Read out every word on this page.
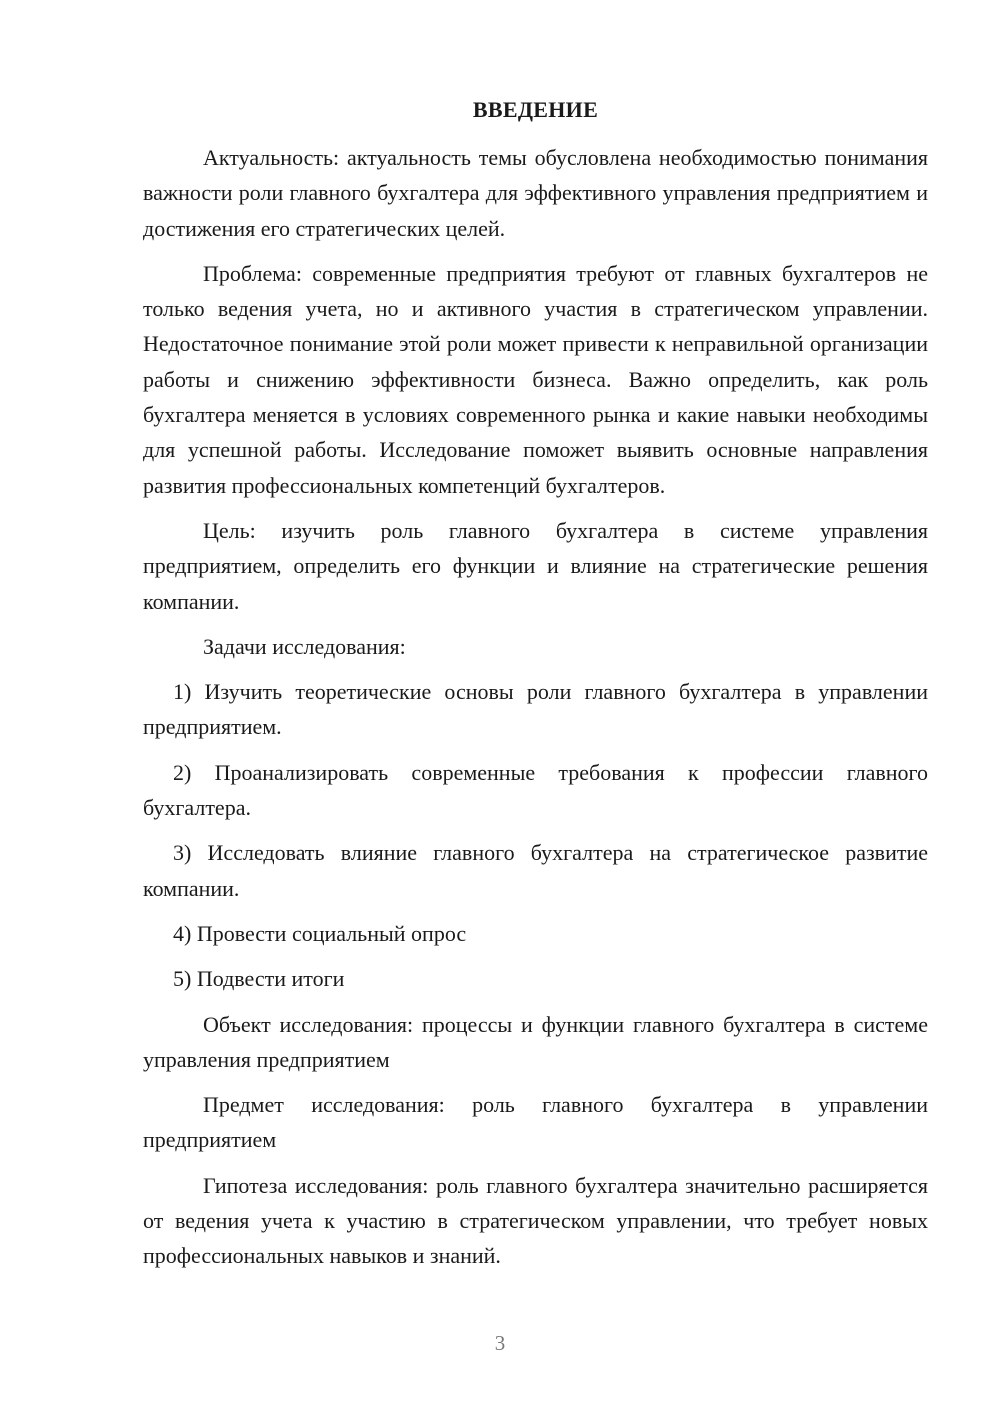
ВВЕДЕНИЕ

Актуальность: актуальность темы обусловлена необходимостью понимания важности роли главного бухгалтера для эффективного управления предприятием и достижения его стратегических целей.

Проблема: современные предприятия требуют от главных бухгалтеров не только ведения учета, но и активного участия в стратегическом управлении. Недостаточное понимание этой роли может привести к неправильной организации работы и снижению эффективности бизнеса. Важно определить, как роль бухгалтера меняется в условиях современного рынка и какие навыки необходимы для успешной работы. Исследование поможет выявить основные направления развития профессиональных компетенций бухгалтеров.

Цель: изучить роль главного бухгалтера в системе управления предприятием, определить его функции и влияние на стратегические решения компании.

Задачи исследования:

1) Изучить теоретические основы роли главного бухгалтера в управлении предприятием.

2) Проанализировать современные требования к профессии главного бухгалтера.

3) Исследовать влияние главного бухгалтера на стратегическое развитие компании.

4) Провести социальный опрос

5) Подвести итоги

Объект исследования: процессы и функции главного бухгалтера в системе управления предприятием

Предмет исследования: роль главного бухгалтера в управлении предприятием

Гипотеза исследования: роль главного бухгалтера значительно расширяется от ведения учета к участию в стратегическом управлении, что требует новых профессиональных навыков и знаний.

3
